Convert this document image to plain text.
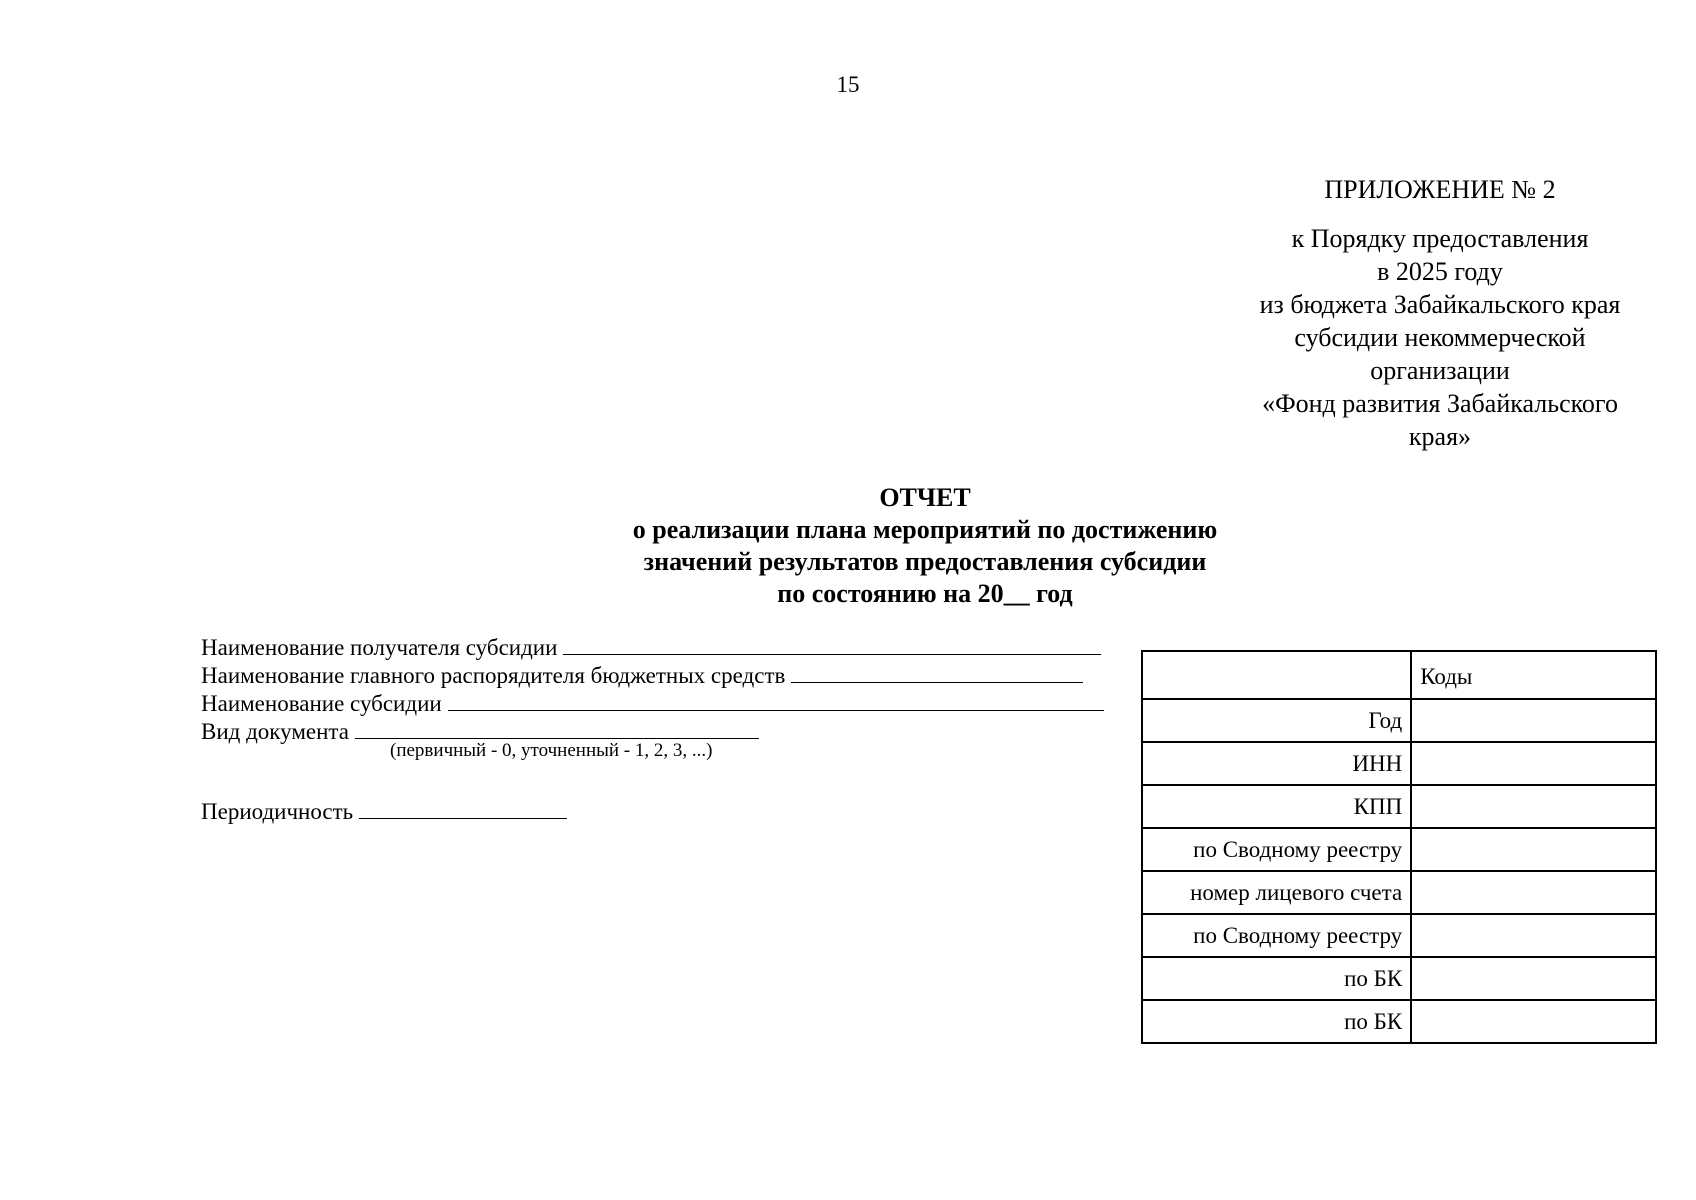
15
ПРИЛОЖЕНИЕ № 2
к Порядку предоставления
в 2025 году
из бюджета Забайкальского края
субсидии некоммерческой
организации
«Фонд развития Забайкальского
края»
ОТЧЕТ
о реализации плана мероприятий по достижению
значений результатов предоставления субсидии
по состоянию на 20__ год
Наименование получателя субсидии
Наименование главного распорядителя бюджетных средств
Наименование субсидии
Вид документа
(первичный - 0, уточненный - 1, 2, 3, ...)
Периодичность
	Коды
Год	
ИНН	
КПП	
по Сводному реестру	
номер лицевого счета	
по Сводному реестру	
по БК	
по БК	
